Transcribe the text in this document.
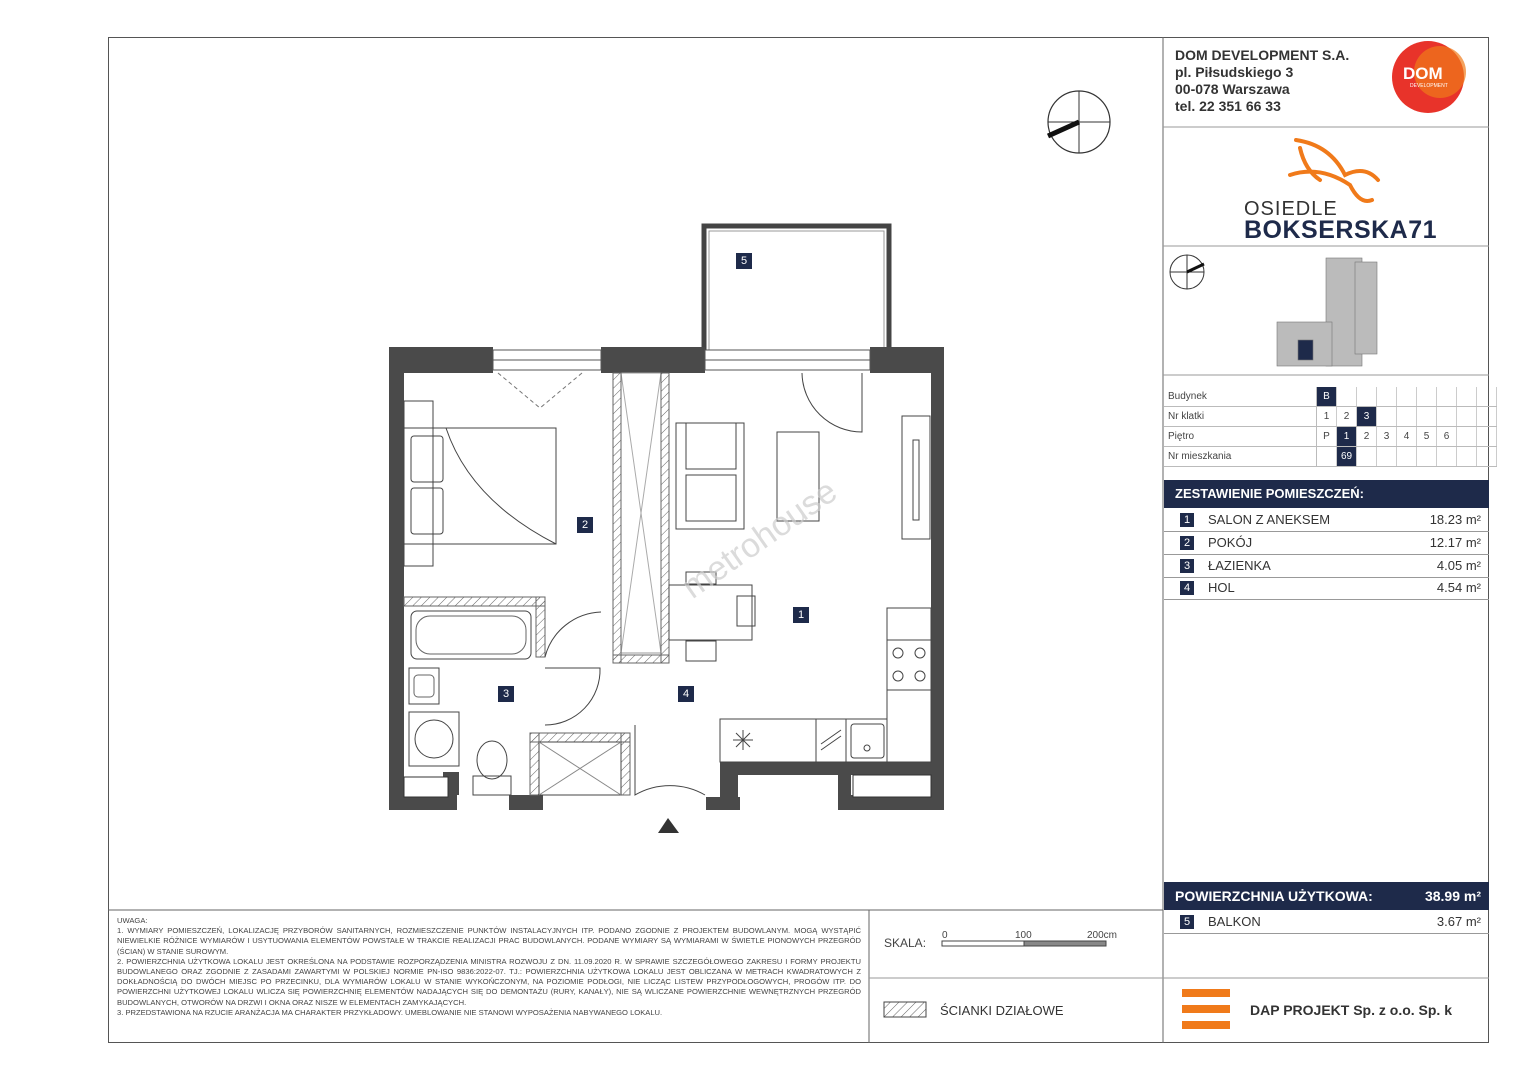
metrohouse
5
2
1
3	4
DOM DEVELOPMENT S.A.
pl. Piłsudskiego 3
00-078 Warszawa
tel. 22 351 66 33
DOM
DEVELOPMENT
OSIEDLE
BOKSERSKA71
Budynek	B								
Nr klatki	1	2	3						
Piętro	P	1	2	3	4	5	6		
Nr mieszkania		69							
ZESTAWIENIE POMIESZCZEŃ:
1	SALON Z ANEKSEM	18.23 m²
2	POKÓJ	12.17 m²
3	ŁAZIENKA	4.05 m²
4	HOL	4.54 m²
POWIERZCHNIA UŻYTKOWA:	38.99 m²
5	BALKON	3.67 m²
UWAGA:
1. WYMIARY POMIESZCZEŃ, LOKALIZACJĘ PRZYBORÓW SANITARNYCH, ROZMIESZCZENIE PUNKTÓW INSTALACYJNYCH ITP. PODANO ZGODNIE Z PROJEKTEM BUDOWLANYM. MOGĄ WYSTĄPIĆ NIEWIELKIE RÓŻNICE WYMIARÓW I USYTUOWANIA ELEMENTÓW POWSTAŁE W TRAKCIE REALIZACJI PRAC BUDOWLANYCH. PODANE WYMIARY SĄ WYMIARAMI W ŚWIETLE PIONOWYCH PRZEGRÓD (ŚCIAN) W STANIE SUROWYM.
2. POWIERZCHNIA UŻYTKOWA LOKALU JEST OKREŚLONA NA PODSTAWIE ROZPORZĄDZENIA MINISTRA ROZWOJU Z DN. 11.09.2020 R. W SPRAWIE SZCZEGÓŁOWEGO ZAKRESU I FORMY PROJEKTU BUDOWLANEGO ORAZ ZGODNIE Z ZASADAMI ZAWARTYMI W POLSKIEJ NORMIE PN-ISO 9836:2022-07. TJ.: POWIERZCHNIA UŻYTKOWA LOKALU JEST OBLICZANA W METRACH KWADRATOWYCH Z DOKŁADNOŚCIĄ DO DWÓCH MIEJSC PO PRZECINKU, DLA WYMIARÓW LOKALU W STANIE WYKOŃCZONYM, NA POZIOMIE PODŁOGI, NIE LICZĄC LISTEW PRZYPODŁOGOWYCH, PROGÓW ITP. DO POWIERZCHNI UŻYTKOWEJ LOKALU WLICZA SIĘ POWIERZCHNIĘ ELEMENTÓW NADAJĄCYCH SIĘ DO DEMONTAŻU (RURY, KANAŁY), NIE SĄ WLICZANE POWIERZCHNIE WEWNĘTRZNYCH PRZEGRÓD BUDOWLANYCH, OTWORÓW NA DRZWI I OKNA ORAZ NISZE W ELEMENTACH ZAMYKAJĄCYCH.
3. PRZEDSTAWIONA NA RZUCIE ARANŻACJA MA CHARAKTER PRZYKŁADOWY. UMEBLOWANIE NIE STANOWI WYPOSAŻENIA NABYWANEGO LOKALU.
SKALA:
0	100	200cm
ŚCIANKI DZIAŁOWE	DAP PROJEKT Sp. z o.o. Sp. k
